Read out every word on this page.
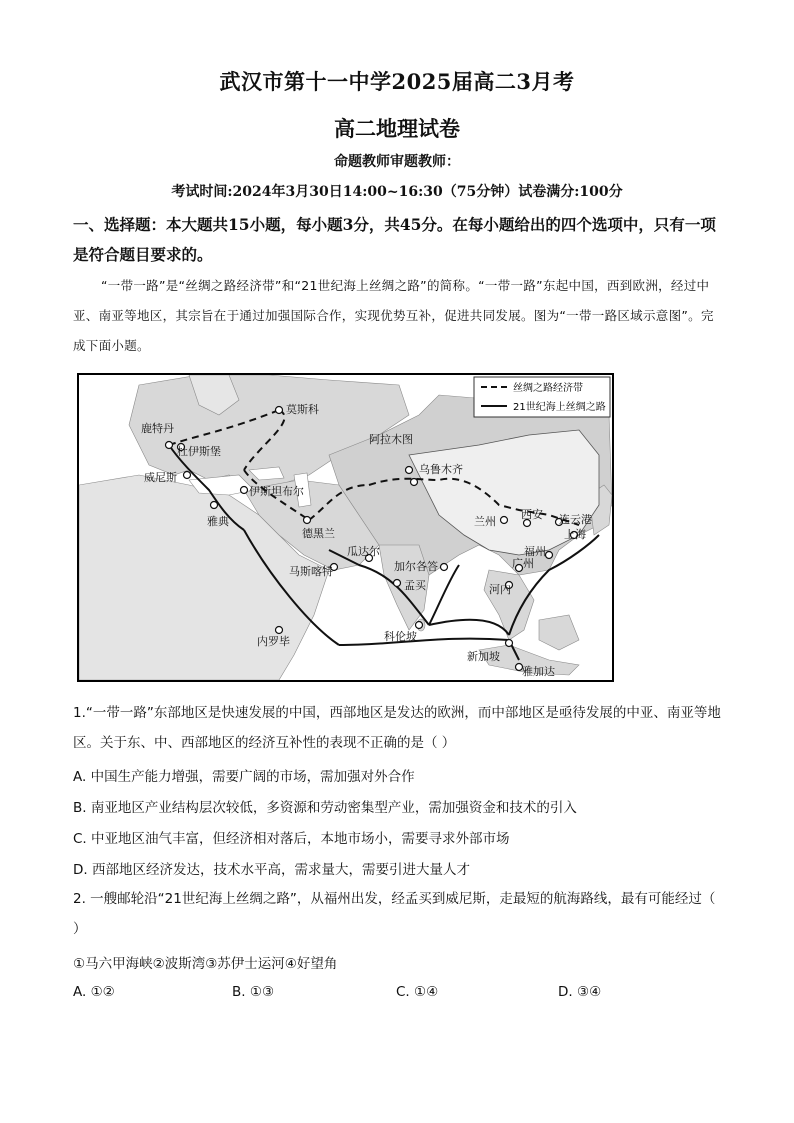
武汉市第十一中学2025届高二3月考
高二地理试卷
命题教师审题教师：
考试时间:2024年3月30日14:00~16:30（75分钟）试卷满分:100分
一、选择题：本大题共15小题，每小题3分，共45分。在每小题给出的四个选项中，只有一项是符合题目要求的。
“一带一路”是“丝绸之路经济带”和“21世纪海上丝绸之路”的简称。“一带一路”东起中国，西到欧洲，经过中亚、南亚等地区，其宗旨在于通过加强国际合作，实现优势互补，促进共同发展。图为“一带一路区域示意图”。完成下面小题。
莫斯科
鹿特丹
杜伊斯堡
威尼斯
伊斯坦布尔
雅典
阿拉木图
乌鲁木齐
德黑兰
兰州
西安 连云港
上海
福州
广州
瓜达尔
加尔各答
马斯喀特
孟买	河内
科伦坡
内罗毕
新加坡
雅加达
丝绸之路经济带
21世纪海上丝绸之路
1.“一带一路”东部地区是快速发展的中国，西部地区是发达的欧洲，而中部地区是亟待发展的中亚、南亚等地区。关于东、中、西部地区的经济互补性的表现不正确的是（ ）
A. 中国生产能力增强，需要广阔的市场，需加强对外合作
B. 南亚地区产业结构层次较低，多资源和劳动密集型产业，需加强资金和技术的引入
C. 中亚地区油气丰富，但经济相对落后，本地市场小，需要寻求外部市场
D. 西部地区经济发达，技术水平高，需求量大，需要引进大量人才
2. 一艘邮轮沿“21世纪海上丝绸之路”，从福州出发，经孟买到威尼斯，走最短的航海路线，最有可能经过（ ）
①马六甲海峡②波斯湾③苏伊士运河④好望角
A. ①②	B. ①③	C. ①④	D. ③④
